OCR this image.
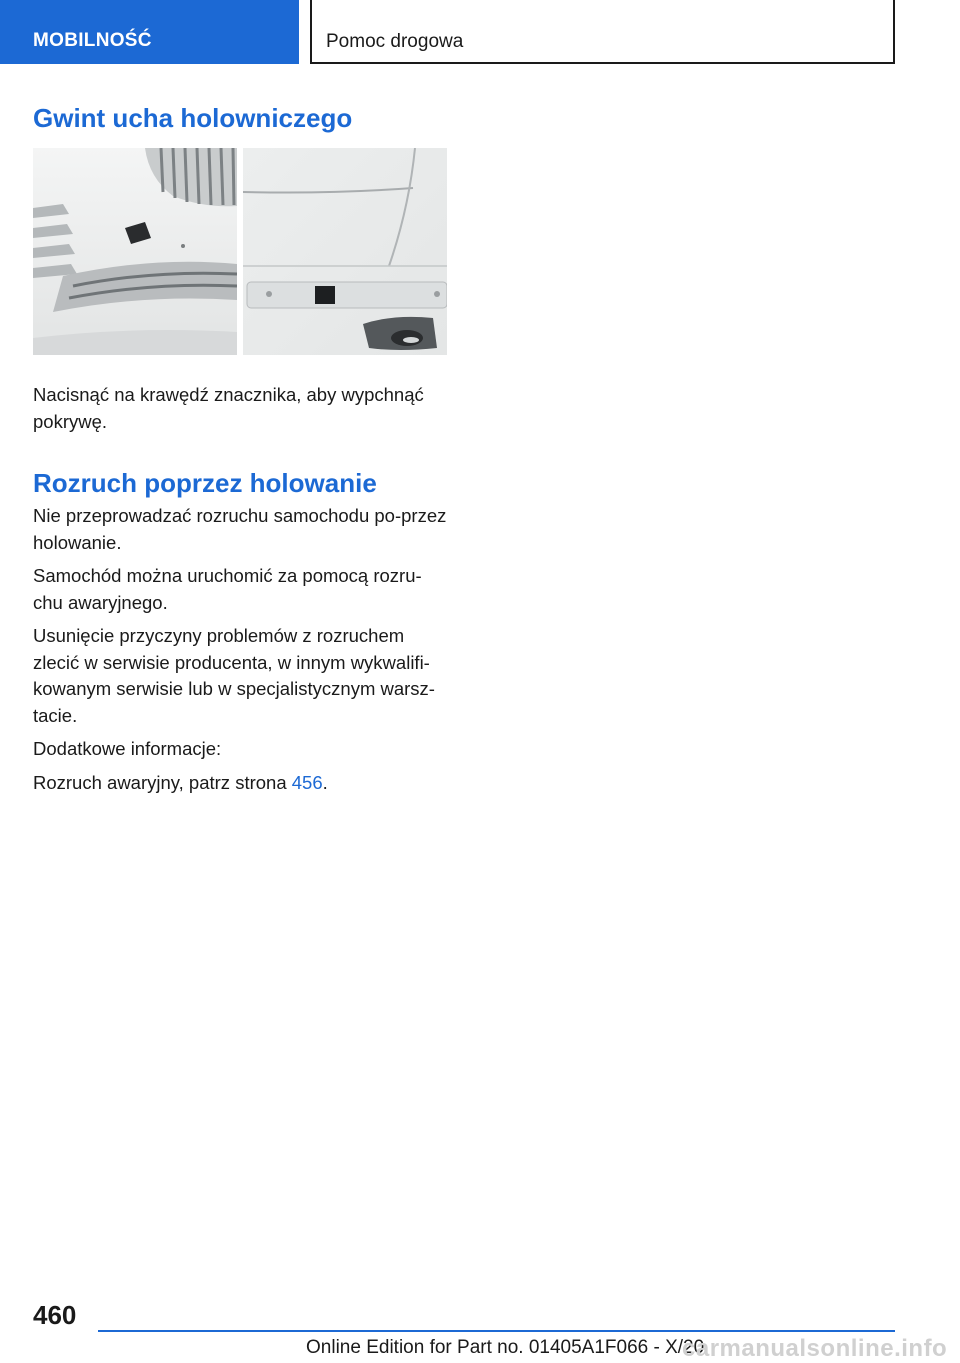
MOBILNOŚĆ	Pomoc drogowa
Gwint ucha holowniczego

Nacisnąć na krawędź znacznika, aby wypchnąć pokrywę.

Rozruch poprzez holowanie

Nie przeprowadzać rozruchu samochodu po-przez holowanie.

Samochód można uruchomić za pomocą rozru-chu awaryjnego.

Usunięcie przyczyny problemów z rozruchem zlecić w serwisie producenta, w innym wykwalifi-kowanym serwisie lub w specjalistycznym warsz-tacie.

Dodatkowe informacje:

Rozruch awaryjny, patrz strona 456.

460
Online Edition for Part no. 01405A1F066 - X/20
carmanualsonline.info
